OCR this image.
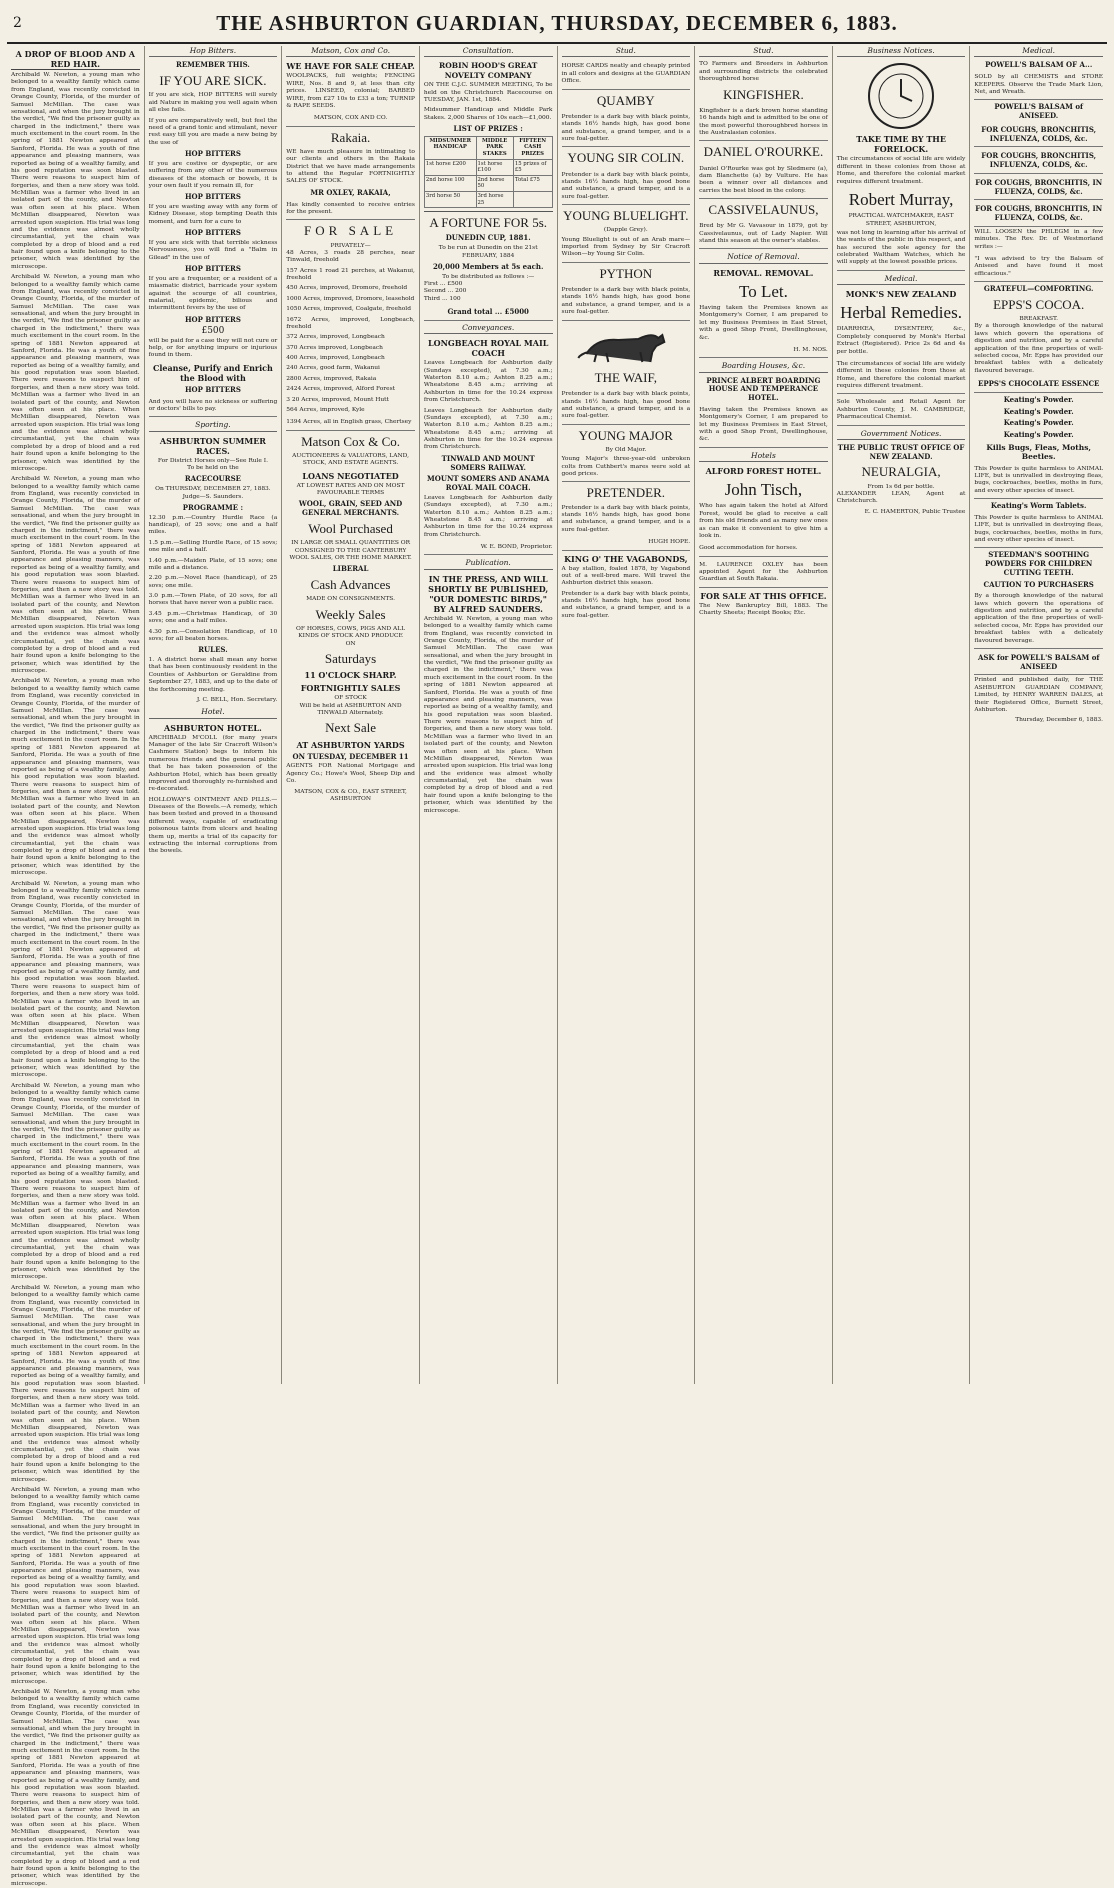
2	THE ASHBURTON GUARDIAN, THURSDAY, DECEMBER 6, 1883.
A DROP OF BLOOD AND A RED HAIR.

Archibald W. Newton, a young man who belonged to a wealthy family which came from England, was recently convicted in Orange County, Florida, of the murder of Samuel McMillan. The case was sensational, and when the jury brought in the verdict, "We find the prisoner guilty as charged in the indictment," there was much excitement in the court room. In the spring of 1881 Newton appeared at Sanford, Florida. He was a youth of fine appearance and pleasing manners, was reported as being of a wealthy family, and his good reputation was soon blasted. There were reasons to suspect him of forgeries, and then a new story was told. McMillan was a farmer who lived in an isolated part of the county, and Newton was often seen at his place. When McMillan disappeared, Newton was arrested upon suspicion. His trial was long and the evidence was almost wholly circumstantial, yet the chain was completed by a drop of blood and a red hair found upon a knife belonging to the prisoner, which was identified by the microscope.

Archibald W. Newton, a young man who belonged to a wealthy family which came from England, was recently convicted in Orange County, Florida, of the murder of Samuel McMillan. The case was sensational, and when the jury brought in the verdict, "We find the prisoner guilty as charged in the indictment," there was much excitement in the court room. In the spring of 1881 Newton appeared at Sanford, Florida. He was a youth of fine appearance and pleasing manners, was reported as being of a wealthy family, and his good reputation was soon blasted. There were reasons to suspect him of forgeries, and then a new story was told. McMillan was a farmer who lived in an isolated part of the county, and Newton was often seen at his place. When McMillan disappeared, Newton was arrested upon suspicion. His trial was long and the evidence was almost wholly circumstantial, yet the chain was completed by a drop of blood and a red hair found upon a knife belonging to the prisoner, which was identified by the microscope.

Archibald W. Newton, a young man who belonged to a wealthy family which came from England, was recently convicted in Orange County, Florida, of the murder of Samuel McMillan. The case was sensational, and when the jury brought in the verdict, "We find the prisoner guilty as charged in the indictment," there was much excitement in the court room. In the spring of 1881 Newton appeared at Sanford, Florida. He was a youth of fine appearance and pleasing manners, was reported as being of a wealthy family, and his good reputation was soon blasted. There were reasons to suspect him of forgeries, and then a new story was told. McMillan was a farmer who lived in an isolated part of the county, and Newton was often seen at his place. When McMillan disappeared, Newton was arrested upon suspicion. His trial was long and the evidence was almost wholly circumstantial, yet the chain was completed by a drop of blood and a red hair found upon a knife belonging to the prisoner, which was identified by the microscope.

Archibald W. Newton, a young man who belonged to a wealthy family which came from England, was recently convicted in Orange County, Florida, of the murder of Samuel McMillan. The case was sensational, and when the jury brought in the verdict, "We find the prisoner guilty as charged in the indictment," there was much excitement in the court room. In the spring of 1881 Newton appeared at Sanford, Florida. He was a youth of fine appearance and pleasing manners, was reported as being of a wealthy family, and his good reputation was soon blasted. There were reasons to suspect him of forgeries, and then a new story was told. McMillan was a farmer who lived in an isolated part of the county, and Newton was often seen at his place. When McMillan disappeared, Newton was arrested upon suspicion. His trial was long and the evidence was almost wholly circumstantial, yet the chain was completed by a drop of blood and a red hair found upon a knife belonging to the prisoner, which was identified by the microscope.

Archibald W. Newton, a young man who belonged to a wealthy family which came from England, was recently convicted in Orange County, Florida, of the murder of Samuel McMillan. The case was sensational, and when the jury brought in the verdict, "We find the prisoner guilty as charged in the indictment," there was much excitement in the court room. In the spring of 1881 Newton appeared at Sanford, Florida. He was a youth of fine appearance and pleasing manners, was reported as being of a wealthy family, and his good reputation was soon blasted. There were reasons to suspect him of forgeries, and then a new story was told. McMillan was a farmer who lived in an isolated part of the county, and Newton was often seen at his place. When McMillan disappeared, Newton was arrested upon suspicion. His trial was long and the evidence was almost wholly circumstantial, yet the chain was completed by a drop of blood and a red hair found upon a knife belonging to the prisoner, which was identified by the microscope.

Archibald W. Newton, a young man who belonged to a wealthy family which came from England, was recently convicted in Orange County, Florida, of the murder of Samuel McMillan. The case was sensational, and when the jury brought in the verdict, "We find the prisoner guilty as charged in the indictment," there was much excitement in the court room. In the spring of 1881 Newton appeared at Sanford, Florida. He was a youth of fine appearance and pleasing manners, was reported as being of a wealthy family, and his good reputation was soon blasted. There were reasons to suspect him of forgeries, and then a new story was told. McMillan was a farmer who lived in an isolated part of the county, and Newton was often seen at his place. When McMillan disappeared, Newton was arrested upon suspicion. His trial was long and the evidence was almost wholly circumstantial, yet the chain was completed by a drop of blood and a red hair found upon a knife belonging to the prisoner, which was identified by the microscope.

Archibald W. Newton, a young man who belonged to a wealthy family which came from England, was recently convicted in Orange County, Florida, of the murder of Samuel McMillan. The case was sensational, and when the jury brought in the verdict, "We find the prisoner guilty as charged in the indictment," there was much excitement in the court room. In the spring of 1881 Newton appeared at Sanford, Florida. He was a youth of fine appearance and pleasing manners, was reported as being of a wealthy family, and his good reputation was soon blasted. There were reasons to suspect him of forgeries, and then a new story was told. McMillan was a farmer who lived in an isolated part of the county, and Newton was often seen at his place. When McMillan disappeared, Newton was arrested upon suspicion. His trial was long and the evidence was almost wholly circumstantial, yet the chain was completed by a drop of blood and a red hair found upon a knife belonging to the prisoner, which was identified by the microscope.

Archibald W. Newton, a young man who belonged to a wealthy family which came from England, was recently convicted in Orange County, Florida, of the murder of Samuel McMillan. The case was sensational, and when the jury brought in the verdict, "We find the prisoner guilty as charged in the indictment," there was much excitement in the court room. In the spring of 1881 Newton appeared at Sanford, Florida. He was a youth of fine appearance and pleasing manners, was reported as being of a wealthy family, and his good reputation was soon blasted. There were reasons to suspect him of forgeries, and then a new story was told. McMillan was a farmer who lived in an isolated part of the county, and Newton was often seen at his place. When McMillan disappeared, Newton was arrested upon suspicion. His trial was long and the evidence was almost wholly circumstantial, yet the chain was completed by a drop of blood and a red hair found upon a knife belonging to the prisoner, which was identified by the microscope.

Archibald W. Newton, a young man who belonged to a wealthy family which came from England, was recently convicted in Orange County, Florida, of the murder of Samuel McMillan. The case was sensational, and when the jury brought in the verdict, "We find the prisoner guilty as charged in the indictment," there was much excitement in the court room. In the spring of 1881 Newton appeared at Sanford, Florida. He was a youth of fine appearance and pleasing manners, was reported as being of a wealthy family, and his good reputation was soon blasted. There were reasons to suspect him of forgeries, and then a new story was told. McMillan was a farmer who lived in an isolated part of the county, and Newton was often seen at his place. When McMillan disappeared, Newton was arrested upon suspicion. His trial was long and the evidence was almost wholly circumstantial, yet the chain was completed by a drop of blood and a red hair found upon a knife belonging to the prisoner, which was identified by the microscope.

Hop Bitters.
REMEMBER THIS.
IF YOU ARE SICK.

If you are sick, HOP BITTERS will surely aid Nature in making you well again when all else fails.

If you are comparatively well, but feel the need of a grand tonic and stimulant, never rest easy till you are made a new being by the use of

HOP BITTERS

If you are costive or dyspeptic, or are suffering from any other of the numerous diseases of the stomach or bowels, it is your own fault if you remain ill, for

HOP BITTERS

If you are wasting away with any form of Kidney Disease, stop tempting Death this moment, and turn for a cure to

HOP BITTERS

If you are sick with that terrible sickness Nervousness, you will find a "Balm in Gilead" in the use of

HOP BITTERS

If you are a frequenter, or a resident of a miasmatic district, barricade your system against the scourge of all countries, malarial, epidemic, bilious and intermittent fevers by the use of

HOP BITTERS
£500

will be paid for a case they will not cure or help, or for anything impure or injurious found in them.

Cleanse, Purify and Enrich the Blood with
HOP BITTERS

And you will have no sickness or suffering or doctors' bills to pay.

Sporting.
ASHBURTON SUMMER RACES.
For District Horses only—See Rule I.
To be held on the
RACECOURSE
On THURSDAY, DECEMBER 27, 1883.
Judge—S. Saunders.
PROGRAMME :

12.30 p.m.—Country Hurdle Race (a handicap), of 25 sovs; one and a half miles.

1.5 p.m.—Selling Hurdle Race, of 15 sovs; one mile and a half.

1.40 p.m.—Maiden Plate, of 15 sovs; one mile and a distance.

2.20 p.m.—Novel Race (handicap), of 25 sovs; one mile.

3.0 p.m.—Town Plate, of 20 sovs, for all horses that have never won a public race.

3.45 p.m.—Christmas Handicap, of 30 sovs; one and a half miles.

4.30 p.m.—Consolation Handicap, of 10 sovs; for all beaten horses.

RULES.

1. A district horse shall mean any horse that has been continuously resident in the Counties of Ashburton or Geraldine from September 27, 1883, and up to the date of the forthcoming meeting.

J. C. BELL, Hon. Secretary.

Hotel.
ASHBURTON HOTEL.

ARCHIBALD M'COLL (for many years Manager of the late Sir Cracroft Wilson's Cashmere Station) begs to inform his numerous friends and the general public that he has taken possession of the Ashburton Hotel, which has been greatly improved and thoroughly re-furnished and re-decorated.

HOLLOWAY'S OINTMENT AND PILLS.—Diseases of the Bowels.—A remedy, which has been tested and proved in a thousand different ways, capable of eradicating poisonous taints from ulcers and healing them up, merits a trial of its capacity for extracting the internal corruptions from the bowels.

Matson, Cox and Co.
WE HAVE FOR SALE CHEAP.

WOOLPACKS, full weights; FENCING WIRE, Nos. 8 and 9, at less than city prices. LINSEED, colonial; BARBED WIRE, from £27 10s to £33 a ton; TURNIP & RAPE SEEDS.

MATSON, COX AND CO.
Rakaia.

WE have much pleasure in intimating to our clients and others in the Rakaia District that we have made arrangements to attend the Regular FORTNIGHTLY SALES OF STOCK.

MR OXLEY, RAKAIA,

Has kindly consented to receive entries for the present.

FOR SALE
PRIVATELY—

48 Acres, 3 roads 28 perches, near Tinwald, freehold

157 Acres 1 road 21 perches, at Wakanui, freehold

450 Acres, improved, Dromore, freehold

1000 Acres, improved, Dromore, leasehold

1050 Acres, improved, Coalgate, freehold

1672 Acres, improved, Longbeach, freehold

372 Acres, improved, Longbeach

370 Acres improved, Longbeach

400 Acres, improved, Longbeach

240 Acres, good farm, Wakanui

2800 Acres, improved, Rakaia

2424 Acres, improved, Alford Forest

3 20 Acres, improved, Mount Hutt

564 Acres, improved, Kyle

1394 Acres, all in English grass, Chertsey

Matson Cox & Co.
AUCTIONEERS & VALUATORS, LAND, STOCK, AND ESTATE AGENTS.
LOANS NEGOTIATED
AT LOWEST RATES AND ON MOST FAVOURABLE TERMS
WOOL, GRAIN, SEED AND GENERAL MERCHANTS.
Wool Purchased
IN LARGE OR SMALL QUANTITIES OR CONSIGNED TO THE CANTERBURY WOOL SALES, OR THE HOME MARKET.
LIBERAL
Cash Advances
MADE ON CONSIGNMENTS.
Weekly Sales
OF HORSES, COWS, PIGS AND ALL KINDS OF STOCK AND PRODUCE
ON
Saturdays
11 O'CLOCK SHARP.
FORTNIGHTLY SALES
OF STOCK
Will be held at ASHBURTON AND TINWALD Alternately.
Next Sale
AT ASHBURTON YARDS
ON TUESDAY, DECEMBER 11

AGENTS FOR National Mortgage and Agency Co.; Howe's Wool, Sheep Dip and Co.

MATSON, COX & CO., EAST STREET, ASHBURTON
Consultation.
ROBIN HOOD'S GREAT NOVELTY COMPANY

ON THE C.J.C. SUMMER MEETING, To be held on the Christchurch Racecourse on TUESDAY, JAN. 1st, 1884.

Midsummer Handicap and Middle Park Stakes. 2,000 Shares of 10s each—£1,000.

LIST OF PRIZES :
MIDSUMMER HANDICAP	MIDDLE PARK STAKES	FIFTEEN CASH PRIZES
1st horse £200	1st horse £100	15 prizes of £5
2nd horse 100	2nd horse 50	Total £75
3rd horse 50	3rd horse 25	
A FORTUNE FOR 5s.
DUNEDIN CUP, 1881.
To be run at Dunedin on the 21st FEBRUARY, 1884
20,000 Members at 5s each.
To be distributed as follows :—
First ... £500
Second ... 200
Third ... 100
Grand total ... £5000
Conveyances.
LONGBEACH ROYAL MAIL COACH

Leaves Longbeach for Ashburton daily (Sundays excepted), at 7.30 a.m.; Waterton 8.10 a.m.; Ashton 8.25 a.m.; Wheatstone 8.45 a.m.; arriving at Ashburton in time for the 10.24 express from Christchurch.

Leaves Longbeach for Ashburton daily (Sundays excepted), at 7.30 a.m.; Waterton 8.10 a.m.; Ashton 8.25 a.m.; Wheatstone 8.45 a.m.; arriving at Ashburton in time for the 10.24 express from Christchurch.

TINWALD AND MOUNT SOMERS RAILWAY.
MOUNT SOMERS AND ANAMA ROYAL MAIL COACH.

Leaves Longbeach for Ashburton daily (Sundays excepted), at 7.30 a.m.; Waterton 8.10 a.m.; Ashton 8.25 a.m.; Wheatstone 8.45 a.m.; arriving at Ashburton in time for the 10.24 express from Christchurch.

W. E. BOND, Proprietor.

Publication.
IN THE PRESS, AND WILL SHORTLY BE PUBLISHED, "OUR DOMESTIC BIRDS," BY ALFRED SAUNDERS.

Archibald W. Newton, a young man who belonged to a wealthy family which came from England, was recently convicted in Orange County, Florida, of the murder of Samuel McMillan. The case was sensational, and when the jury brought in the verdict, "We find the prisoner guilty as charged in the indictment," there was much excitement in the court room. In the spring of 1881 Newton appeared at Sanford, Florida. He was a youth of fine appearance and pleasing manners, was reported as being of a wealthy family, and his good reputation was soon blasted. There were reasons to suspect him of forgeries, and then a new story was told. McMillan was a farmer who lived in an isolated part of the county, and Newton was often seen at his place. When McMillan disappeared, Newton was arrested upon suspicion. His trial was long and the evidence was almost wholly circumstantial, yet the chain was completed by a drop of blood and a red hair found upon a knife belonging to the prisoner, which was identified by the microscope.

Stud.

HORSE CARDS neatly and cheaply printed in all colors and designs at the GUARDIAN Office.

QUAMBY

Pretender is a dark bay with black points, stands 16½ hands high, has good bone and substance, a grand temper, and is a sure foal-getter.

YOUNG SIR COLIN.

Pretender is a dark bay with black points, stands 16½ hands high, has good bone and substance, a grand temper, and is a sure foal-getter.

YOUNG BLUELIGHT.
(Dapple Grey).

Young Bluelight is out of an Arab mare—imported from Sydney by Sir Cracroft Wilson—by Young Sir Colin.

PYTHON

Pretender is a dark bay with black points, stands 16½ hands high, has good bone and substance, a grand temper, and is a sure foal-getter.

THE WAIF,

Pretender is a dark bay with black points, stands 16½ hands high, has good bone and substance, a grand temper, and is a sure foal-getter.

YOUNG MAJOR
By Old Major.

Young Major's three-year-old unbroken colts from Cuthbert's mares were sold at good prices.

PRETENDER.

Pretender is a dark bay with black points, stands 16½ hands high, has good bone and substance, a grand temper, and is a sure foal-getter.

HUGH HOPE.

KING O' THE VAGABONDS,

A bay stallion, foaled 1878, by Vagabond out of a well-bred mare. Will travel the Ashburton district this season.

Pretender is a dark bay with black points, stands 16½ hands high, has good bone and substance, a grand temper, and is a sure foal-getter.

Stud.

TO Farmers and Breeders in Ashburton and surrounding districts the celebrated thoroughbred horse

KINGFISHER.

Kingfisher is a dark brown horse standing 16 hands high and is admitted to be one of the most powerful thoroughbred horses in the Australasian colonies.

DANIEL O'ROURKE.

Daniel O'Rourke was got by Sledmere (a), dam Blanchette (a) by Vulture. He has been a winner over all distances and carries the best blood in the colony.

CASSIVELAUNUS,

Bred by Mr G. Vavasour in 1879, got by Cassivelaunus, out of Lady Napier. Will stand this season at the owner's stables.

Notice of Removal.
REMOVAL. REMOVAL.
To Let.

Having taken the Premises known as Montgomery's Corner, I am prepared to let my Business Premises in East Street, with a good Shop Front, Dwellinghouse, &c.

H. M. NOS.

Boarding Houses, &c.
PRINCE ALBERT BOARDING HOUSE AND TEMPERANCE HOTEL.

Having taken the Premises known as Montgomery's Corner, I am prepared to let my Business Premises in East Street, with a good Shop Front, Dwellinghouse, &c.

Hotels
ALFORD FOREST HOTEL.
John Tisch,

Who has again taken the hotel at Alford Forest, would be glad to receive a call from his old friends and as many new ones as can make it convenient to give him a look in.

Good accommodation for horses.

M. LAURENCE OXLEY has been appointed Agent for the Ashburton Guardian at South Rakaia.

FOR SALE AT THIS OFFICE.

The New Bankruptcy Bill, 1883. The Charity Sheets; Receipt Books; Etc.

Business Notices.
TAKE TIME BY THE FORELOCK.

The circumstances of social life are widely different in these colonies from those at Home, and therefore the colonial market requires different treatment.

Robert Murray,
PRACTICAL WATCHMAKER, EAST STREET, ASHBURTON,

was not long in learning after his arrival of the wants of the public in this respect, and has secured the sole agency for the celebrated Waltham Watches, which he will supply at the lowest possible prices.

Medical.
MONK'S NEW ZEALAND
Herbal Remedies.

DIARRHŒA, DYSENTERY, &c., Completely conquered by Monk's Herbal Extract (Registered). Price 2s 6d and 4s per bottle.

The circumstances of social life are widely different in these colonies from those at Home, and therefore the colonial market requires different treatment.

Sole Wholesale and Retail Agent for Ashburton County, J. M. CAMBRIDGE, Pharmaceutical Chemist.

Government Notices.
THE PUBLIC TRUST OFFICE OF NEW ZEALAND.
NEURALGIA,
From 1s 6d per bottle.

ALEXANDER LEAN, Agent at Christchurch.

E. C. HAMERTON, Public Trustee

Medical.
POWELL'S BALSAM OF A...

SOLD by all CHEMISTS and STORE KEEPERS. Observe the Trade Mark Lion, Net, and Wreath.

POWELL'S BALSAM of ANISEED.
FOR COUGHS, BRONCHITIS, INFLUENZA, COLDS, &c.
FOR COUGHS, BRONCHITIS, INFLUENZA, COLDS, &c.
FOR COUGHS, BRONCHITIS, IN FLUENZA, COLDS, &c.
FOR COUGHS, BRONCHITIS, IN FLUENZA, COLDS, &c.

WILL LOOSEN the PHLEGM in a few minutes. The Rev. Dr. of Westmorland writes :—

"I was advised to try the Balsam of Aniseed and have found it most efficacious."

GRATEFUL—COMFORTING.
EPPS'S COCOA.
BREAKFAST.

By a thorough knowledge of the natural laws which govern the operations of digestion and nutrition, and by a careful application of the fine properties of well-selected cocoa, Mr. Epps has provided our breakfast tables with a delicately flavoured beverage.

EPPS'S CHOCOLATE ESSENCE
Keating's Powder.
Keating's Powder.
Keating's Powder.
Keating's Powder.
Kills Bugs, Fleas, Moths, Beetles.

This Powder is quite harmless to ANIMAL LIFE, but is unrivalled in destroying fleas, bugs, cockroaches, beetles, moths in furs, and every other species of insect.

Keating's Worm Tablets.

This Powder is quite harmless to ANIMAL LIFE, but is unrivalled in destroying fleas, bugs, cockroaches, beetles, moths in furs, and every other species of insect.

STEEDMAN'S SOOTHING POWDERS FOR CHILDREN CUTTING TEETH.
CAUTION TO PURCHASERS

By a thorough knowledge of the natural laws which govern the operations of digestion and nutrition, and by a careful application of the fine properties of well-selected cocoa, Mr. Epps has provided our breakfast tables with a delicately flavoured beverage.

ASK for POWELL'S BALSAM of ANISEED

Printed and published daily, for THE ASHBURTON GUARDIAN COMPANY, Limited, by HENRY WARREN DALES, at their Registered Office, Burnett Street, Ashburton.

Thursday, December 6, 1883.
